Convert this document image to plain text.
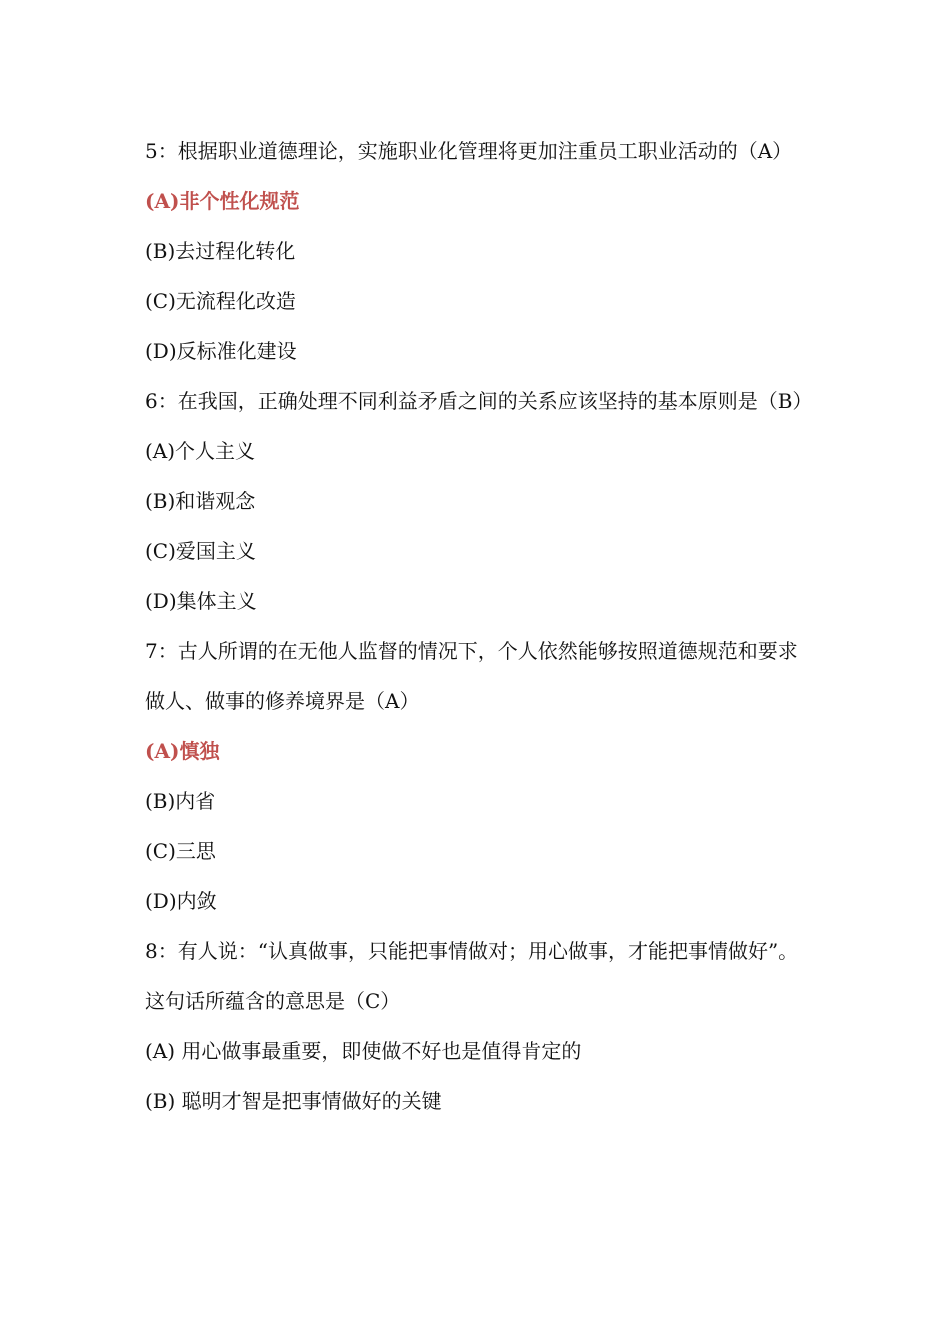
5：根据职业道德理论，实施职业化管理将更加注重员工职业活动的（A）
(A)非个性化规范
(B)去过程化转化
(C)无流程化改造
(D)反标准化建设
6：在我国，正确处理不同利益矛盾之间的关系应该坚持的基本原则是（B）
(A)个人主义
(B)和谐观念
(C)爱国主义
(D)集体主义
7：古人所谓的在无他人监督的情况下，个人依然能够按照道德规范和要求做人、做事的修养境界是（A）
(A)慎独
(B)内省
(C)三思
(D)内敛
8：有人说：“认真做事，只能把事情做对；用心做事，才能把事情做好”。这句话所蕴含的意思是（C）
(A) 用心做事最重要，即使做不好也是值得肯定的
(B) 聪明才智是把事情做好的关键
